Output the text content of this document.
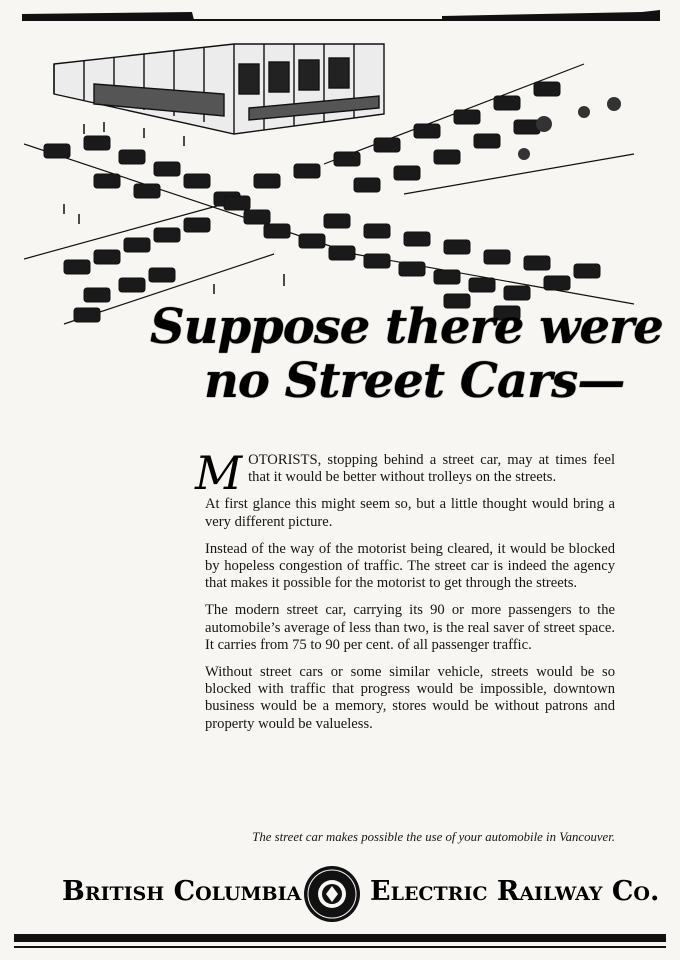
Suppose there were
no Street Cars—

MOTORISTS, stopping behind a street car, may at times feel that it would be better without trolleys on the streets.

At first glance this might seem so, but a little thought would bring a very different picture.

Instead of the way of the motorist being cleared, it would be blocked by hopeless congestion of traffic. The street car is indeed the agency that makes it possible for the motorist to get through the streets.

The modern street car, carrying its 90 or more passengers to the automobile’s average of less than two, is the real saver of street space. It carries from 75 to 90 per cent. of all passenger traffic.

Without street cars or some similar vehicle, streets would be so blocked with traffic that progress would be impossible, downtown business would be a memory, stores would be without patrons and property would be valueless.

The street car makes possible the use of your automobile in Vancouver.
British Columbia	Electric Railway Co.
